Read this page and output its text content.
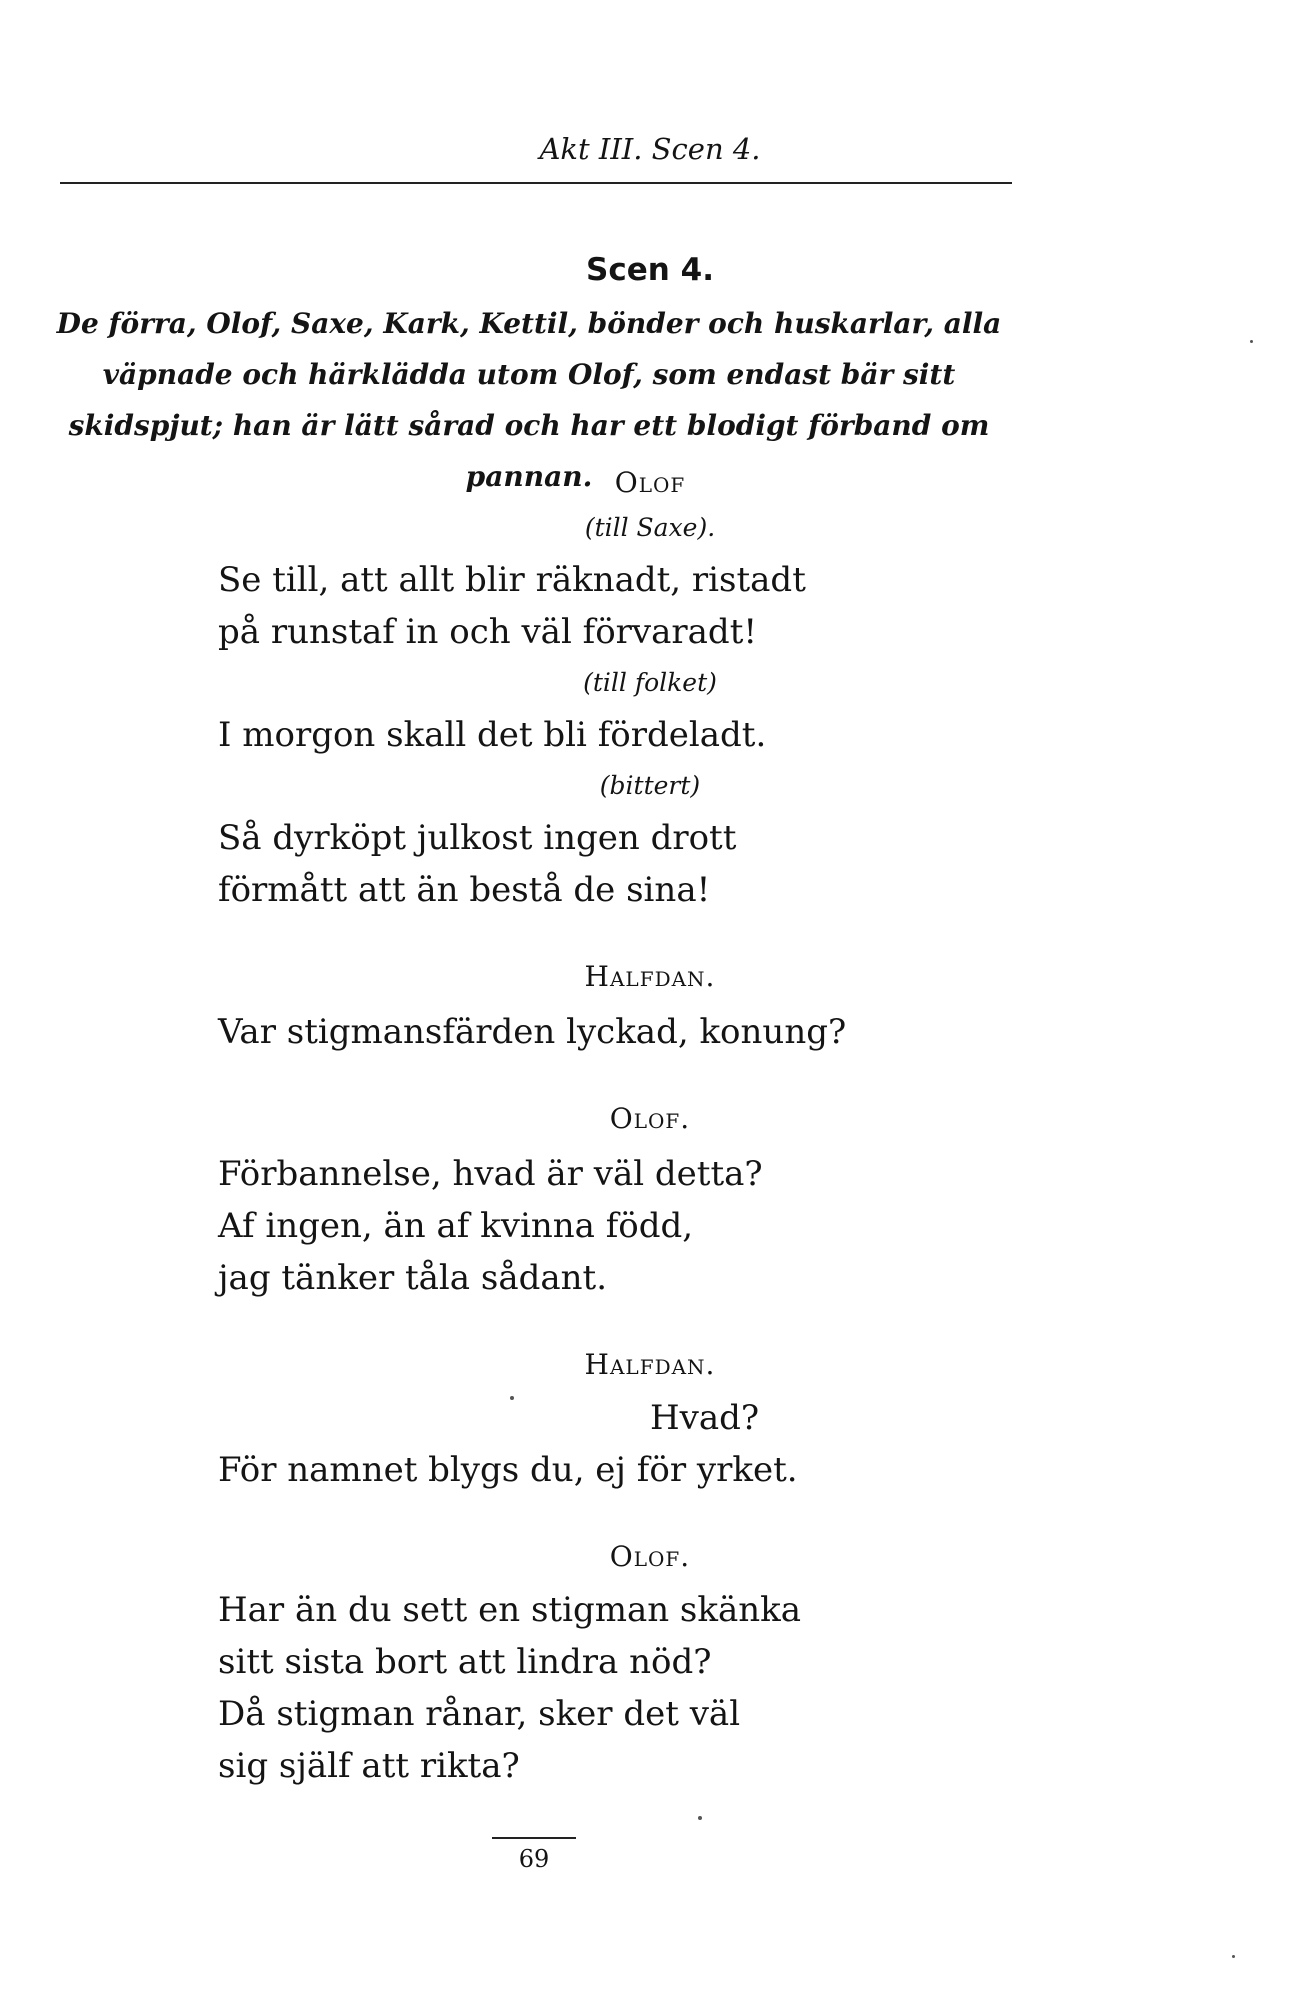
Akt III. Scen 4.
Scen 4.
De förra, Olof, Saxe, Kark, Kettil, bönder och huskarlar, alla väpnade och härklädda utom Olof, som endast bär sitt skidspjut; han är lätt sårad och har ett blodigt förband om pannan. Olof
(till Saxe).
Se till, att allt blir räknadt, ristadt
på runstaf in och väl förvaradt!
(till folket)
I morgon skall det bli fördeladt.
(bittert)
Så dyrköpt julkost ingen drott
förmått att än bestå de sina!
Halfdan.
Var stigmansfärden lyckad, konung?
Olof.
Förbannelse, hvad är väl detta?
Af ingen, än af kvinna född,
jag tänker tåla sådant.
Halfdan.
Hvad?
För namnet blygs du, ej för yrket.
Olof.
Har än du sett en stigman skänka
sitt sista bort att lindra nöd?
Då stigman rånar, sker det väl
sig själf att rikta?
69
